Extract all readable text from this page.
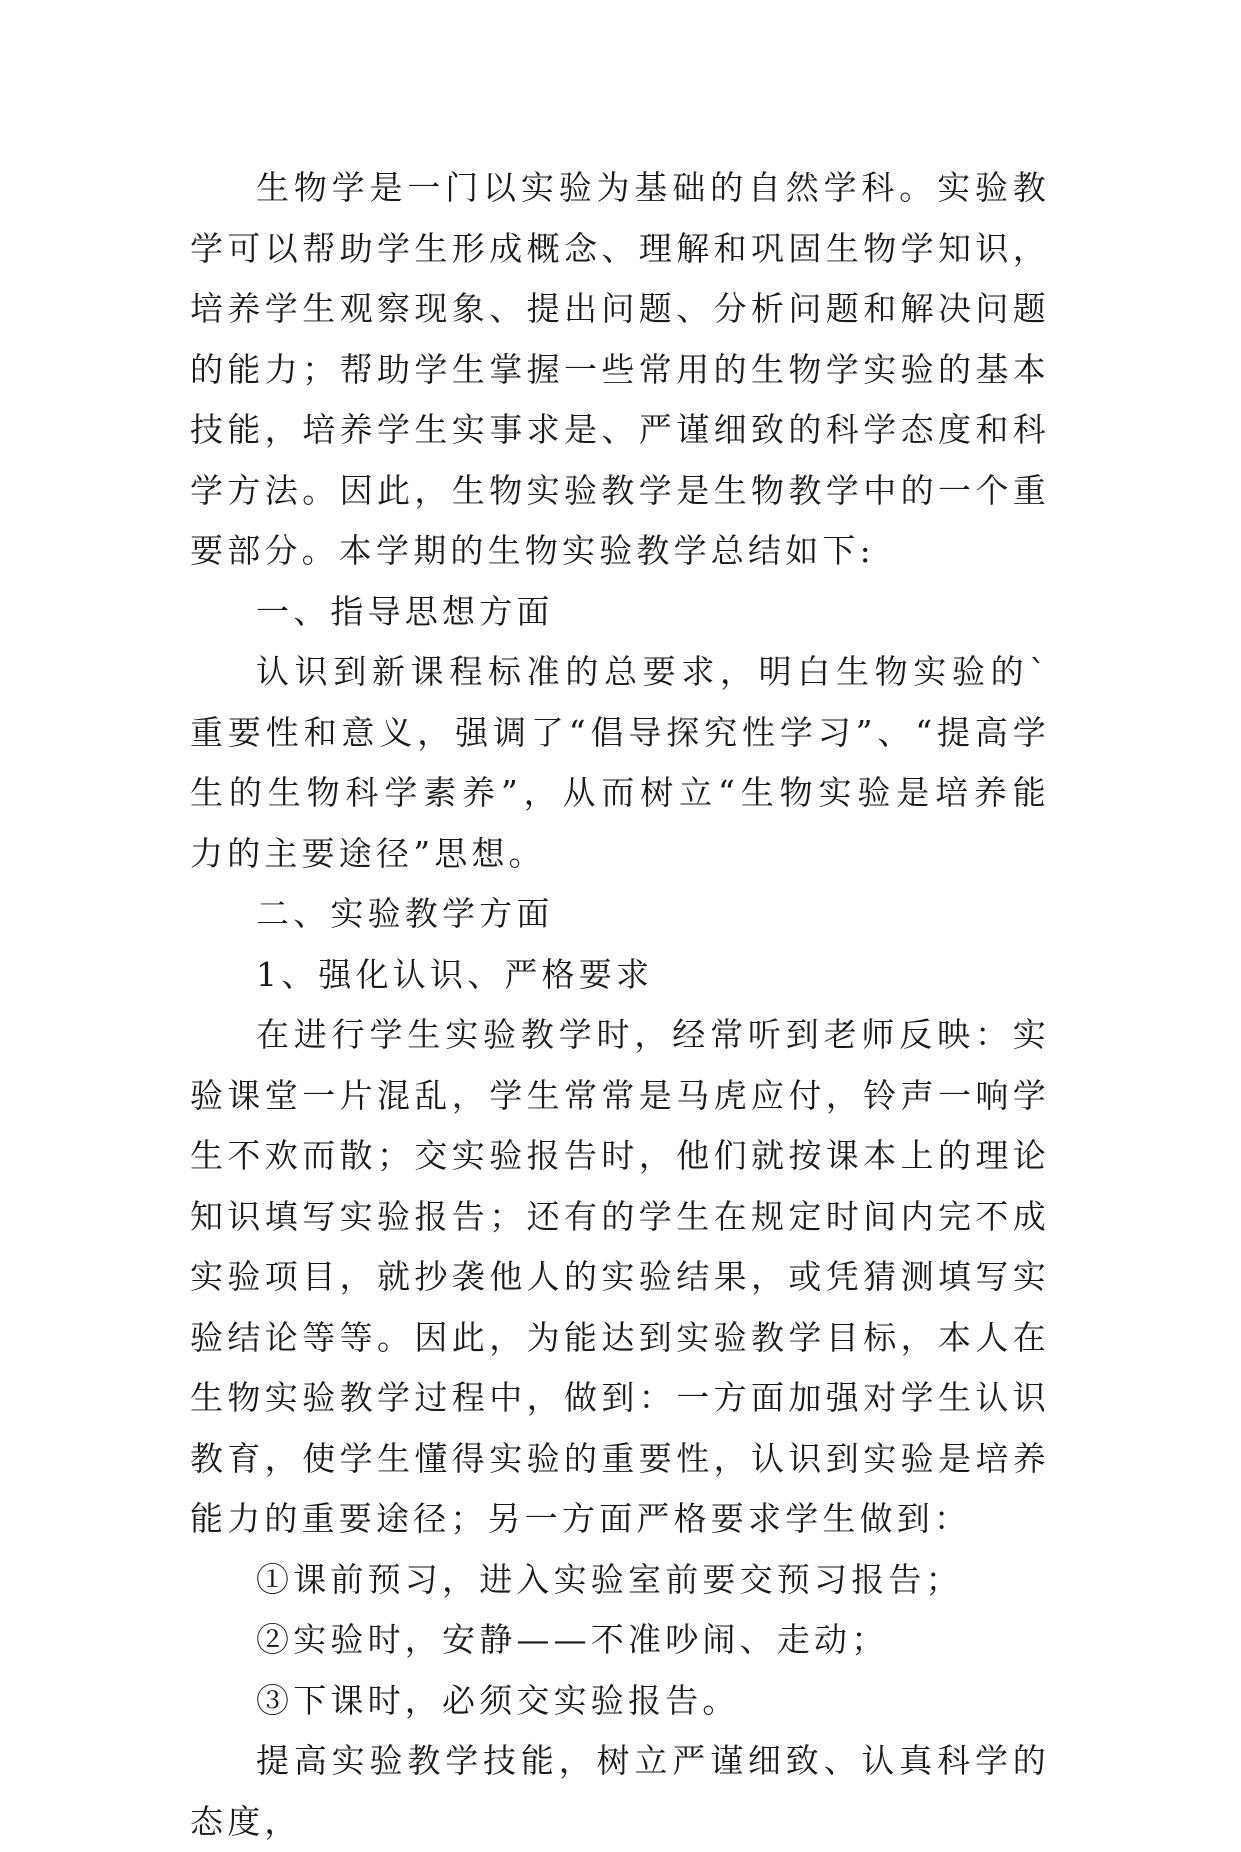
生物学是一门以实验为基础的自然学科。实验教学可以帮助学生形成概念、理解和巩固生物学知识，培养学生观察现象、提出问题、分析问题和解决问题的能力；帮助学生掌握一些常用的生物学实验的基本技能，培养学生实事求是、严谨细致的科学态度和科学方法。因此，生物实验教学是生物教学中的一个重要部分。本学期的生物实验教学总结如下:

一、指导思想方面

认识到新课程标准的总要求，明白生物实验的`重要性和意义，强调了“倡导探究性学习”、“提高学生的生物科学素养”，从而树立“生物实验是培养能力的主要途径”思想。

二、实验教学方面

1、强化认识、严格要求

在进行学生实验教学时，经常听到老师反映：实验课堂一片混乱，学生常常是马虎应付，铃声一响学生不欢而散；交实验报告时，他们就按课本上的理论知识填写实验报告；还有的学生在规定时间内完不成实验项目，就抄袭他人的实验结果，或凭猜测填写实验结论等等。因此，为能达到实验教学目标，本人在生物实验教学过程中，做到：一方面加强对学生认识教育，使学生懂得实验的重要性，认识到实验是培养能力的重要途径；另一方面严格要求学生做到：

①课前预习，进入实验室前要交预习报告；

②实验时，安静——不准吵闹、走动；

③下课时，必须交实验报告。

提高实验教学技能，树立严谨细致、认真科学的态度，
